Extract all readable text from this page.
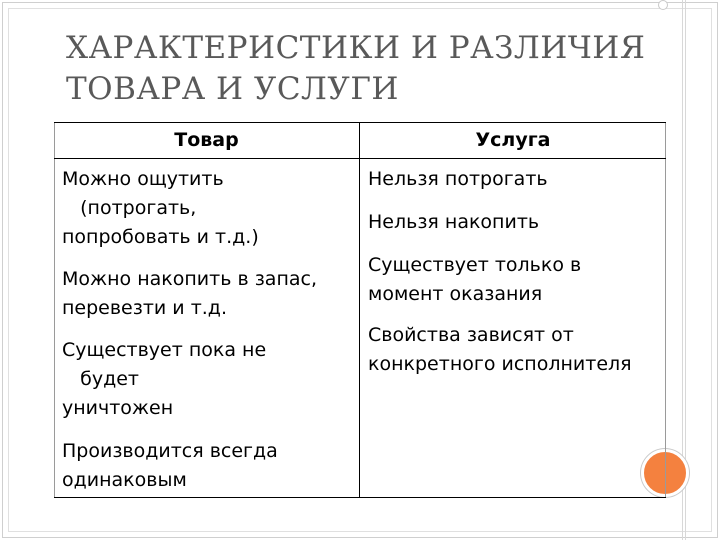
ХАРАКТЕРИСТИКИ И РАЗЛИЧИЯ
ТОВАРА И УСЛУГИ
Товар	Услуга
Можно ощутить
(потрогать,
попробовать и т.д.)
Можно накопить в запас,
перевезти и т.д.
Существует пока не
будет
уничтожен
Производится всегда
одинаковым
Нельзя потрогать
Нельзя накопить
Существует только в
момент оказания
Свойства зависят от
конкретного исполнителя
